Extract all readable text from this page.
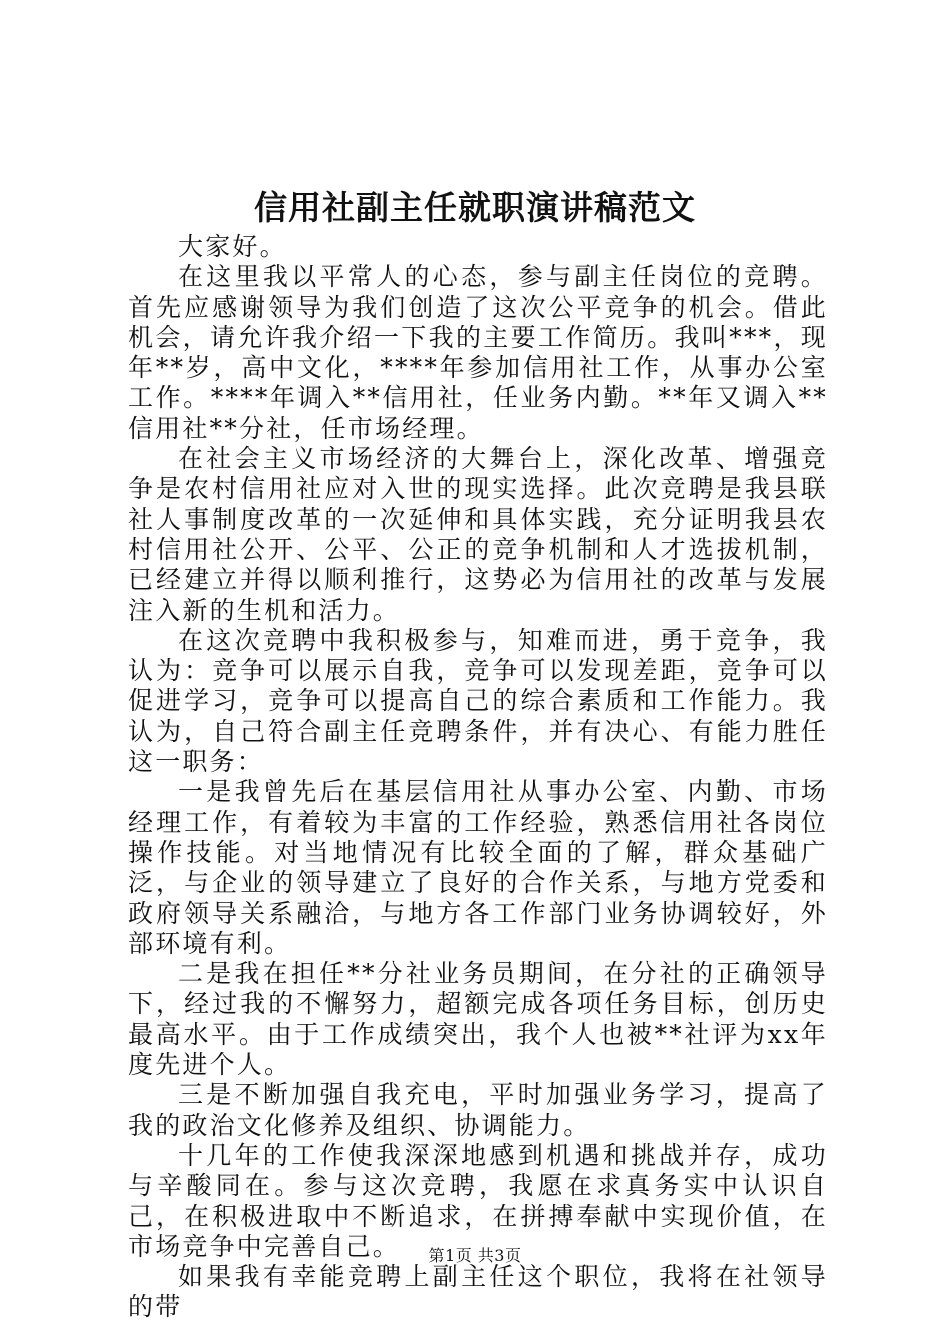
信用社副主任就职演讲稿范文

大家好。

在这里我以平常人的心态，参与副主任岗位的竞聘。首先应感谢领导为我们创造了这次公平竞争的机会。借此机会，请允许我介绍一下我的主要工作简历。我叫***，现年**岁，高中文化，****年参加信用社工作，从事办公室工作。****年调入**信用社，任业务内勤。**年又调入**信用社**分社，任市场经理。

在社会主义市场经济的大舞台上，深化改革、增强竞争是农村信用社应对入世的现实选择。此次竞聘是我县联社人事制度改革的一次延伸和具体实践，充分证明我县农村信用社公开、公平、公正的竞争机制和人才选拔机制，已经建立并得以顺利推行，这势必为信用社的改革与发展注入新的生机和活力。

在这次竞聘中我积极参与，知难而进，勇于竞争，我认为：竞争可以展示自我，竞争可以发现差距，竞争可以促进学习，竞争可以提高自己的综合素质和工作能力。我认为，自己符合副主任竞聘条件，并有决心、有能力胜任这一职务：

一是我曾先后在基层信用社从事办公室、内勤、市场经理工作，有着较为丰富的工作经验，熟悉信用社各岗位操作技能。对当地情况有比较全面的了解，群众基础广泛，与企业的领导建立了良好的合作关系，与地方党委和政府领导关系融洽，与地方各工作部门业务协调较好，外部环境有利。

二是我在担任**分社业务员期间，在分社的正确领导下，经过我的不懈努力，超额完成各项任务目标，创历史最高水平。由于工作成绩突出，我个人也被**社评为xx年度先进个人。

三是不断加强自我充电，平时加强业务学习，提高了我的政治文化修养及组织、协调能力。

十几年的工作使我深深地感到机遇和挑战并存，成功与辛酸同在。参与这次竞聘，我愿在求真务实中认识自己，在积极进取中不断追求，在拼搏奉献中实现价值，在市场竞争中完善自己。

如果我有幸能竞聘上副主任这个职位，我将在社领导的带

第1页 共3页
